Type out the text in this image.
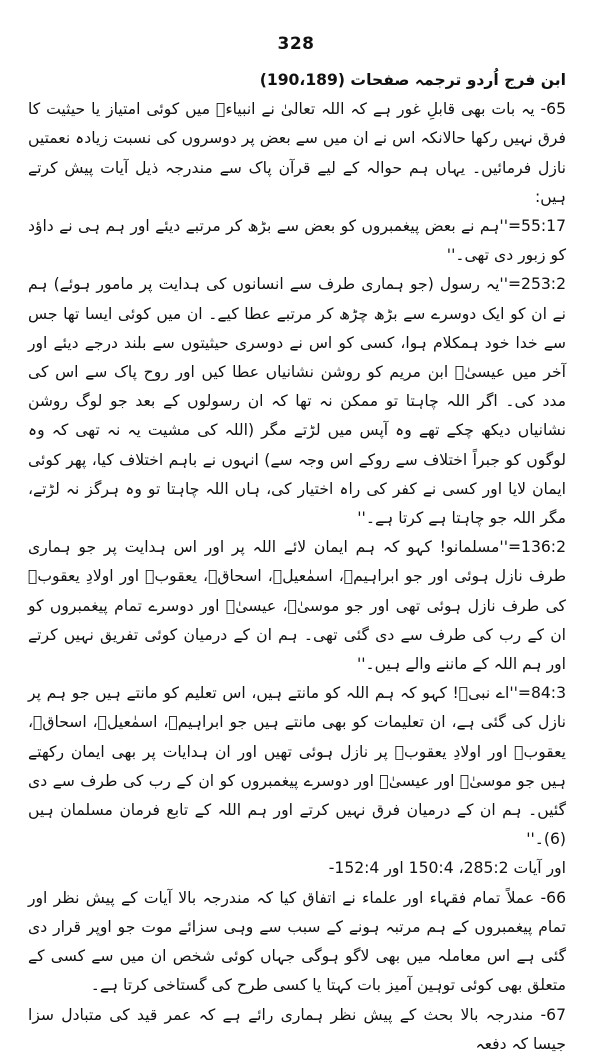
328

ابن فرج اُردو ترجمہ صفحات (190،189)

65- یہ بات بھی قابلِ غور ہے کہ اللہ تعالیٰ نے انبیاءؑ میں کوئی امتیاز یا حیثیت کا فرق نہیں رکھا حالانکہ اس نے ان میں سے بعض پر دوسروں کی نسبت زیادہ نعمتیں نازل فرمائیں۔ یہاں ہم حوالہ کے لیے قرآن پاک سے مندرجہ ذیل آیات پیش کرتے ہیں:

55:17=''ہم نے بعض پیغمبروں کو بعض سے بڑھ کر مرتبے دیئے اور ہم ہی نے داؤد کو زبور دی تھی۔''

253:2=''یہ رسول (جو ہماری طرف سے انسانوں کی ہدایت پر مامور ہوئے) ہم نے ان کو ایک دوسرے سے بڑھ چڑھ کر مرتبے عطا کیے۔ ان میں کوئی ایسا تھا جس سے خدا خود ہمکلام ہوا، کسی کو اس نے دوسری حیثیتوں سے بلند درجے دیئے اور آخر میں عیسیٰؑ ابن مریم کو روشن نشانیاں عطا کیں اور روح پاک سے اس کی مدد کی۔ اگر اللہ چاہتا تو ممکن نہ تھا کہ ان رسولوں کے بعد جو لوگ روشن نشانیاں دیکھ چکے تھے وہ آپس میں لڑتے مگر (اللہ کی مشیت یہ نہ تھی کہ وہ لوگوں کو جبراً اختلاف سے روکے اس وجہ سے) انہوں نے باہم اختلاف کیا، پھر کوئی ایمان لایا اور کسی نے کفر کی راہ اختیار کی، ہاں اللہ چاہتا تو وہ ہرگز نہ لڑتے، مگر اللہ جو چاہتا ہے کرتا ہے۔''

136:2=''مسلمانو! کہو کہ ہم ایمان لائے اللہ پر اور اس ہدایت پر جو ہماری طرف نازل ہوئی اور جو ابراہیمؑ، اسمٰعیلؑ، اسحاقؑ، یعقوبؑ اور اولادِ یعقوبؑ کی طرف نازل ہوئی تھی اور جو موسیٰؑ، عیسیٰؑ اور دوسرے تمام پیغمبروں کو ان کے رب کی طرف سے دی گئی تھی۔ ہم ان کے درمیان کوئی تفریق نہیں کرتے اور ہم اللہ کے ماننے والے ہیں۔''

84:3=''اے نبیؐ! کہو کہ ہم اللہ کو مانتے ہیں، اس تعلیم کو مانتے ہیں جو ہم پر نازل کی گئی ہے، ان تعلیمات کو بھی مانتے ہیں جو ابراہیمؑ، اسمٰعیلؑ، اسحاقؑ، یعقوبؑ اور اولادِ یعقوبؑ پر نازل ہوئی تھیں اور ان ہدایات پر بھی ایمان رکھتے ہیں جو موسیٰؑ اور عیسیٰؑ اور دوسرے پیغمبروں کو ان کے رب کی طرف سے دی گئیں۔ ہم ان کے درمیان فرق نہیں کرتے اور ہم اللہ کے تابع فرمان مسلمان ہیں (6)۔''

اور آیات 285:2، 150:4 اور 152:4-

66- عملاً تمام فقہاء اور علماء نے اتفاق کیا کہ مندرجہ بالا آیات کے پیش نظر اور تمام پیغمبروں کے ہم مرتبہ ہونے کے سبب سے وہی سزائے موت جو اوپر قرار دی گئی ہے اس معاملہ میں بھی لاگو ہوگی جہاں کوئی شخص ان میں سے کسی کے متعلق بھی کوئی توہین آمیز بات کہتا یا کسی طرح کی گستاخی کرتا ہے۔

67- مندرجہ بالا بحث کے پیش نظر ہماری رائے ہے کہ عمر قید کی متبادل سزا جیسا کہ دفعہ
